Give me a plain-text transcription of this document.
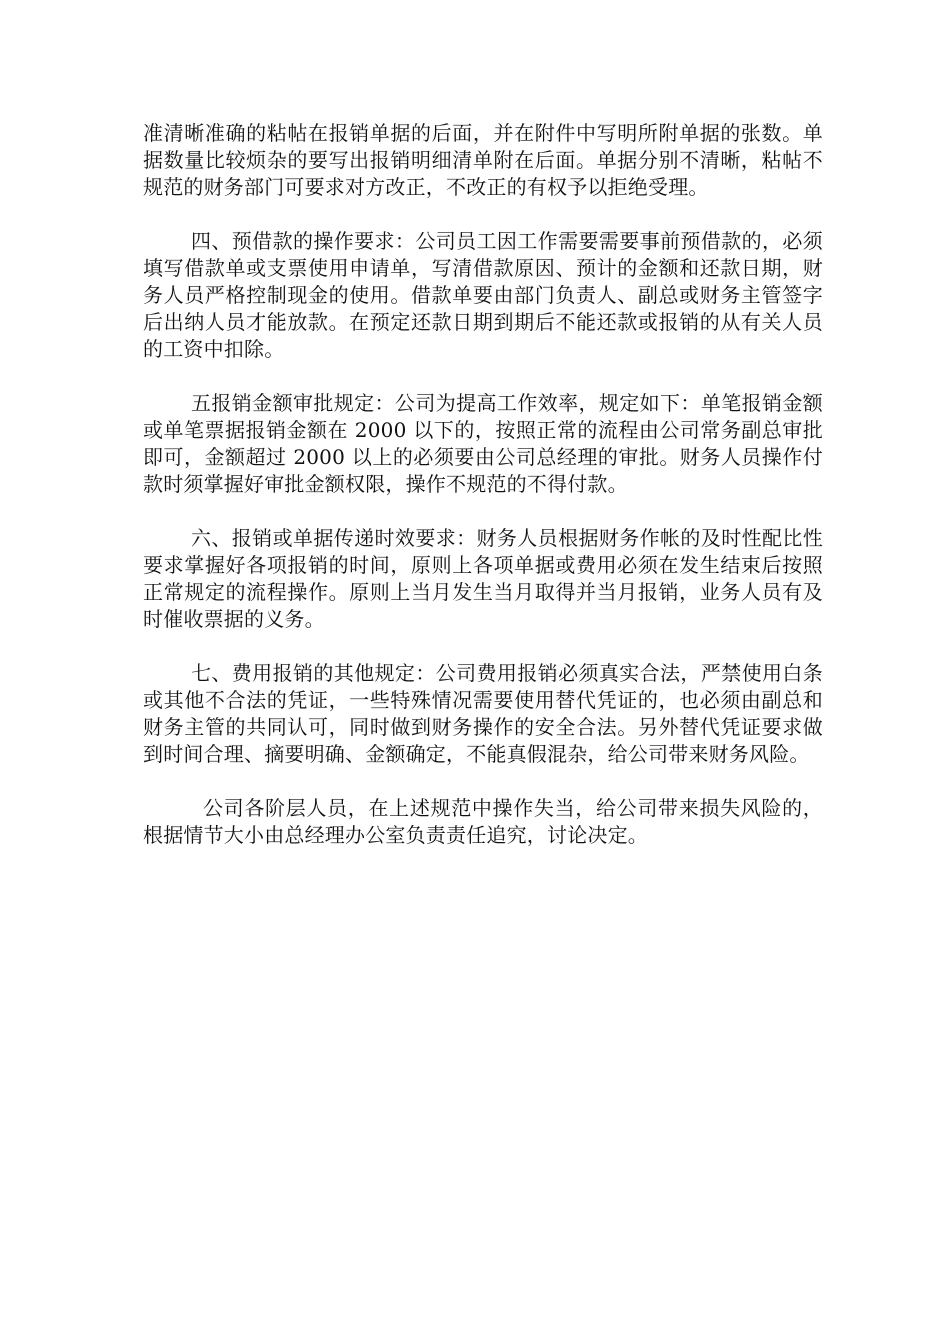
准清晰准确的粘帖在报销单据的后面，并在附件中写明所附单据的张数。单据数量比较烦杂的要写出报销明细清单附在后面。单据分别不清晰，粘帖不规范的财务部门可要求对方改正，不改正的有权予以拒绝受理。

四、预借款的操作要求：公司员工因工作需要需要事前预借款的，必须填写借款单或支票使用申请单，写清借款原因、预计的金额和还款日期，财务人员严格控制现金的使用。借款单要由部门负责人、副总或财务主管签字后出纳人员才能放款。在预定还款日期到期后不能还款或报销的从有关人员的工资中扣除。

五报销金额审批规定：公司为提高工作效率，规定如下：单笔报销金额或单笔票据报销金额在 2000 以下的，按照正常的流程由公司常务副总审批即可，金额超过 2000 以上的必须要由公司总经理的审批。财务人员操作付款时须掌握好审批金额权限，操作不规范的不得付款。

六、报销或单据传递时效要求：财务人员根据财务作帐的及时性配比性要求掌握好各项报销的时间，原则上各项单据或费用必须在发生结束后按照正常规定的流程操作。原则上当月发生当月取得并当月报销，业务人员有及时催收票据的义务。

七、费用报销的其他规定：公司费用报销必须真实合法，严禁使用白条或其他不合法的凭证，一些特殊情况需要使用替代凭证的，也必须由副总和财务主管的共同认可，同时做到财务操作的安全合法。另外替代凭证要求做到时间合理、摘要明确、金额确定，不能真假混杂，给公司带来财务风险。

公司各阶层人员，在上述规范中操作失当，给公司带来损失风险的，根据情节大小由总经理办公室负责责任追究，讨论决定。
